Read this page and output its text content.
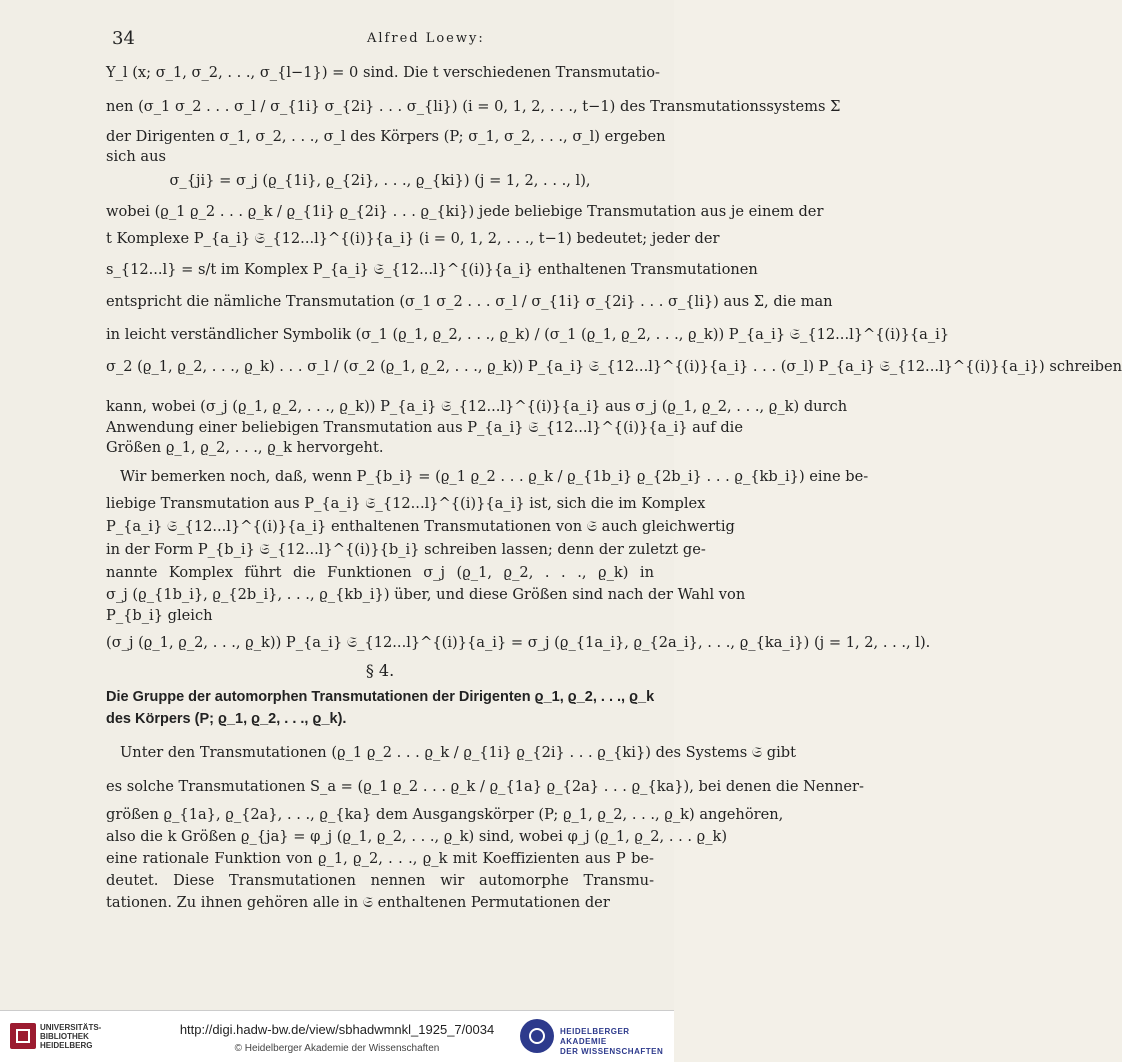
34	Alfred Loewy:
Y_l (x; σ_1, σ_2, . . ., σ_{l−1}) = 0 sind. Die t verschiedenen Transmutatio-
nen (σ_1 σ_2 . . . σ_l / σ_{1i} σ_{2i} . . . σ_{li}) (i = 0, 1, 2, . . ., t−1) des Transmutationssystems Σ
der Dirigenten σ_1, σ_2, . . ., σ_l des Körpers (P; σ_1, σ_2, . . ., σ_l) ergeben
sich aus
σ_{ji} = σ_j (ϱ_{1i}, ϱ_{2i}, . . ., ϱ_{ki}) (j = 1, 2, . . ., l),
wobei (ϱ_1 ϱ_2 . . . ϱ_k / ϱ_{1i} ϱ_{2i} . . . ϱ_{ki}) jede beliebige Transmutation aus je einem der
t Komplexe P_{a_i} 𝔖_{12...l}^{(i)}{a_i} (i = 0, 1, 2, . . ., t−1) bedeutet; jeder der
s_{12...l} = s/t im Komplex P_{a_i} 𝔖_{12...l}^{(i)}{a_i} enthaltenen Transmutationen
entspricht die nämliche Transmutation (σ_1 σ_2 . . . σ_l / σ_{1i} σ_{2i} . . . σ_{li}) aus Σ, die man
in leicht verständlicher Symbolik (σ_1 (ϱ_1, ϱ_2, . . ., ϱ_k) / (σ_1 (ϱ_1, ϱ_2, . . ., ϱ_k)) P_{a_i} 𝔖_{12...l}^{(i)}{a_i}
σ_2 (ϱ_1, ϱ_2, . . ., ϱ_k) . . . σ_l / (σ_2 (ϱ_1, ϱ_2, . . ., ϱ_k)) P_{a_i} 𝔖_{12...l}^{(i)}{a_i} . . . (σ_l) P_{a_i} 𝔖_{12...l}^{(i)}{a_i}) schreiben
kann, wobei (σ_j (ϱ_1, ϱ_2, . . ., ϱ_k)) P_{a_i} 𝔖_{12...l}^{(i)}{a_i} aus σ_j (ϱ_1, ϱ_2, . . ., ϱ_k) durch
Anwendung einer beliebigen Transmutation aus P_{a_i} 𝔖_{12...l}^{(i)}{a_i} auf die
Größen ϱ_1, ϱ_2, . . ., ϱ_k hervorgeht.
Wir bemerken noch, daß, wenn P_{b_i} = (ϱ_1 ϱ_2 . . . ϱ_k / ϱ_{1b_i} ϱ_{2b_i} . . . ϱ_{kb_i}) eine be-
liebige Transmutation aus P_{a_i} 𝔖_{12...l}^{(i)}{a_i} ist, sich die im Komplex
P_{a_i} 𝔖_{12...l}^{(i)}{a_i} enthaltenen Transmutationen von 𝔖 auch gleichwertig
in der Form P_{b_i} 𝔖_{12...l}^{(i)}{b_i} schreiben lassen; denn der zuletzt ge-
nannte Komplex führt die Funktionen σ_j (ϱ_1, ϱ_2, . . ., ϱ_k) in
σ_j (ϱ_{1b_i}, ϱ_{2b_i}, . . ., ϱ_{kb_i}) über, und diese Größen sind nach der Wahl von
P_{b_i} gleich
(σ_j (ϱ_1, ϱ_2, . . ., ϱ_k)) P_{a_i} 𝔖_{12...l}^{(i)}{a_i} = σ_j (ϱ_{1a_i}, ϱ_{2a_i}, . . ., ϱ_{ka_i}) (j = 1, 2, . . ., l).
§ 4.
Die Gruppe der automorphen Transmutationen der Dirigenten ϱ_1, ϱ_2, . . ., ϱ_k
des Körpers (P; ϱ_1, ϱ_2, . . ., ϱ_k).
Unter den Transmutationen (ϱ_1 ϱ_2 . . . ϱ_k / ϱ_{1i} ϱ_{2i} . . . ϱ_{ki}) des Systems 𝔖 gibt
es solche Transmutationen S_a = (ϱ_1 ϱ_2 . . . ϱ_k / ϱ_{1a} ϱ_{2a} . . . ϱ_{ka}), bei denen die Nenner-
größen ϱ_{1a}, ϱ_{2a}, . . ., ϱ_{ka} dem Ausgangskörper (P; ϱ_1, ϱ_2, . . ., ϱ_k) angehören,
also die k Größen ϱ_{ja} = φ_j (ϱ_1, ϱ_2, . . ., ϱ_k) sind, wobei φ_j (ϱ_1, ϱ_2, . . . ϱ_k)
eine rationale Funktion von ϱ_1, ϱ_2, . . ., ϱ_k mit Koeffizienten aus P be-
deutet. Diese Transmutationen nennen wir automorphe Transmu-
tationen. Zu ihnen gehören alle in 𝔖 enthaltenen Permutationen der
UNIVERSITÄTS-
BIBLIOTHEK
HEIDELBERG
http://digi.hadw-bw.de/view/sbhadwmnkl_1925_7/0034
© Heidelberger Akademie der Wissenschaften
HEIDELBERGER AKADEMIE
DER WISSENSCHAFTEN
